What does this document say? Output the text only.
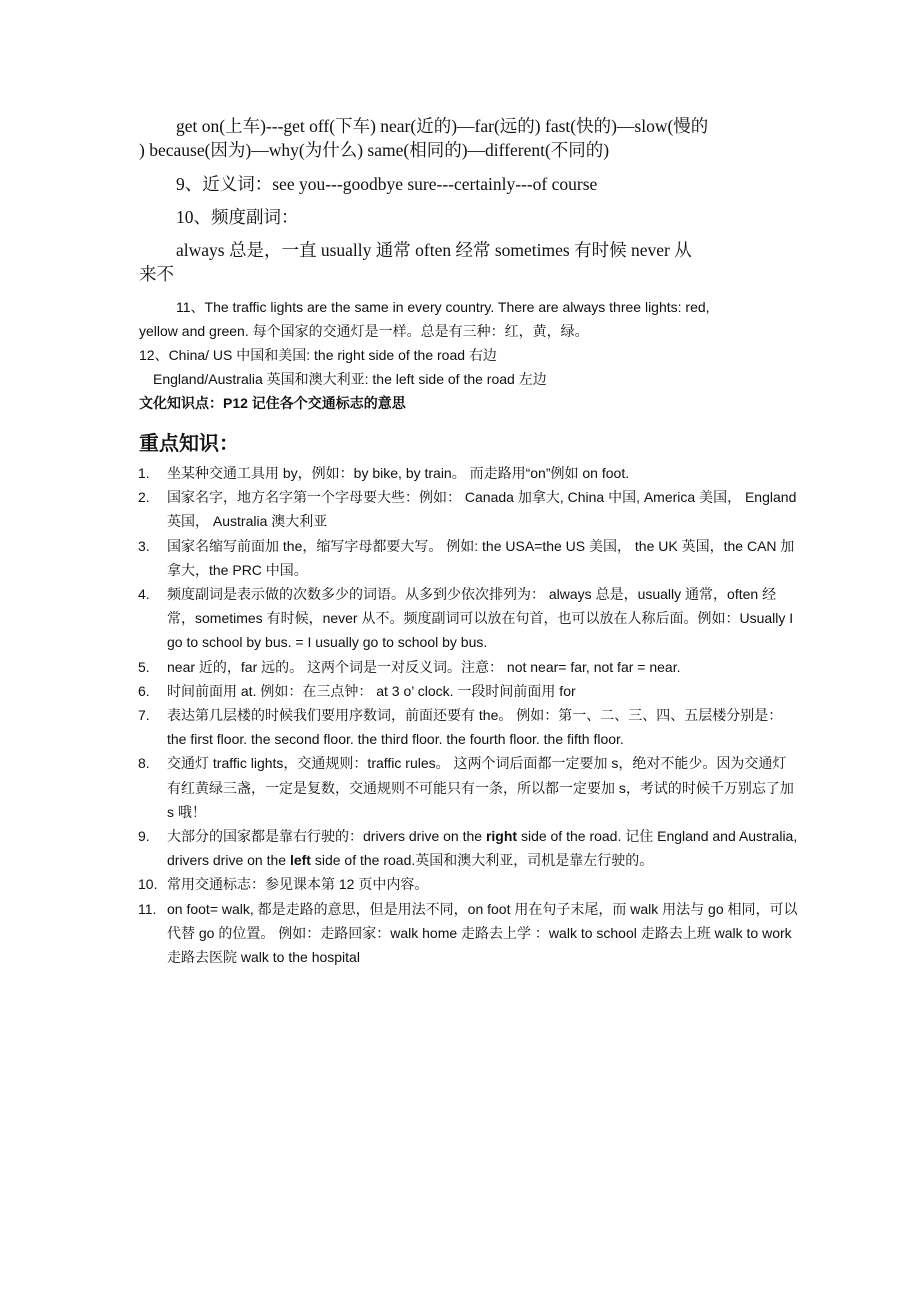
get on(上车)---get off(下车) near(近的)—far(远的) fast(快的)—slow(慢的
) because(因为)—why(为什么) same(相同的)—different(不同的)
9、近义词：see you---goodbye sure---certainly---of course
10、频度副词：
always 总是，一直 usually 通常 often 经常 sometimes 有时候 never 从
来不
11、The traffic lights are the same in every country. There are always three lights: red,
yellow and green. 每个国家的交通灯是一样。总是有三种：红，黄，绿。
12、China/ US 中国和美国: the right side of the road 右边
England/Australia 英国和澳大利亚: the left side of the road 左边
文化知识点：P12 记住各个交通标志的意思
重点知识：
1. 坐某种交通工具用 by，例如：by bike, by train。 而走路用“on”例如 on foot.
2. 国家名字，地方名字第一个字母要大些：例如： Canada 加拿大, China 中国, America 美国， England 英国， Australia 澳大利亚
3. 国家名缩写前面加 the，缩写字母都要大写。 例如: the USA=the US 美国， the UK 英国，the CAN 加拿大，the PRC 中国。
4. 频度副词是表示做的次数多少的词语。从多到少依次排列为： always 总是，usually 通常，often 经常，sometimes 有时候，never 从不。频度副词可以放在句首，也可以放在人称后面。例如：Usually I go to school by bus. = I usually go to school by bus.
5. near 近的，far 远的。 这两个词是一对反义词。注意： not near= far, not far = near.
6. 时间前面用 at. 例如：在三点钟： at 3 o’ clock. 一段时间前面用 for
7. 表达第几层楼的时候我们要用序数词，前面还要有 the。 例如：第一、二、三、四、五层楼分别是：the first floor. the second floor. the third floor. the fourth floor. the fifth floor.
8. 交通灯 traffic lights，交通规则：traffic rules。 这两个词后面都一定要加 s，绝对不能少。因为交通灯有红黄绿三盏，一定是复数，交通规则不可能只有一条，所以都一定要加 s，考试的时候千万别忘了加 s 哦！
9. 大部分的国家都是靠右行驶的：drivers drive on the right side of the road. 记住 England and Australia, drivers drive on the left side of the road.英国和澳大利亚，司机是靠左行驶的。
10. 常用交通标志：参见课本第 12 页中内容。
11. on foot= walk, 都是走路的意思，但是用法不同，on foot 用在句子末尾，而 walk 用法与 go 相同，可以代替 go 的位置。 例如：走路回家：walk home 走路去上学 ：walk to school 走路去上班 walk to work 走路去医院 walk to the hospital
